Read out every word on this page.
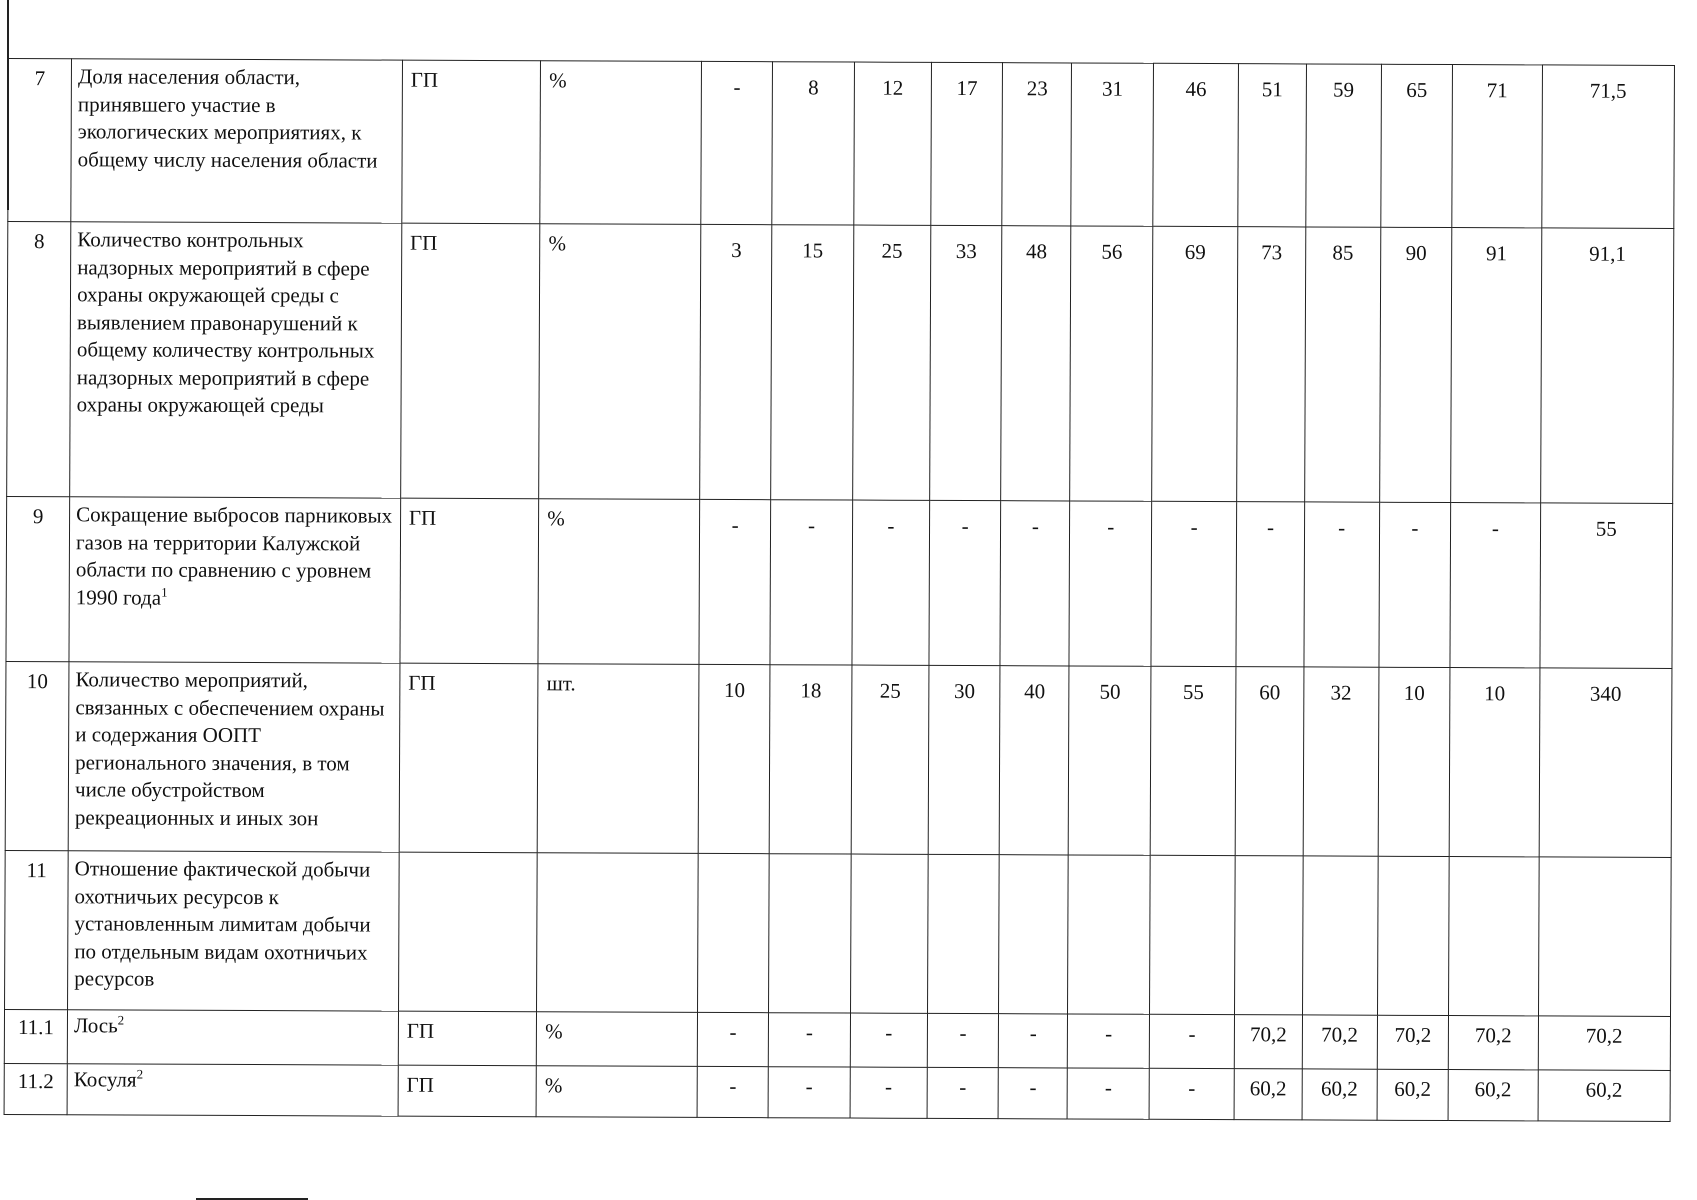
7	Доля населения области, принявшего участие в экологических мероприятиях, к общему числу населения области	ГП	%	-	8	12	17	23	31	46	51	59	65	71	71,5
8	Количество контрольных надзорных мероприятий в сфере охраны окружающей среды с выявлением правонарушений к общему количеству контрольных надзорных мероприятий в сфере охраны окружающей среды	ГП	%	3	15	25	33	48	56	69	73	85	90	91	91,1
9	Сокращение выбросов парниковых газов на территории Калужской области по сравнению с уровнем 1990 года$^1$	ГП	%	-	-	-	-	-	-	-	-	-	-	-	55
10	Количество мероприятий, связанных с обеспечением охраны и содержания ООПТ регионального значения, в том числе обустройством рекреационных и иных зон	ГП	шт.	10	18	25	30	40	50	55	60	32	10	10	340
11	Отношение фактической добычи охотничьих ресурсов к установленным лимитам добычи по отдельным видам охотничьих ресурсов														
11.1	Лось$^2$	ГП	%	-	-	-	-	-	-	-	70,2	70,2	70,2	70,2	70,2
11.2	Косуля$^2$	ГП	%	-	-	-	-	-	-	-	60,2	60,2	60,2	60,2	60,2
